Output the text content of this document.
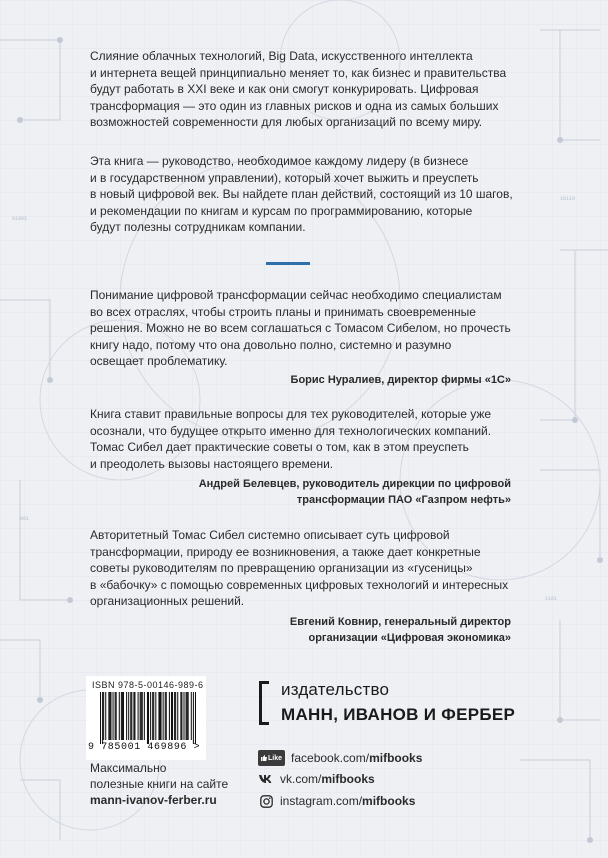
01001
10110
001
1101

Слияние облачных технологий, Big Data, искусственного интеллекта
и интернета вещей принципиально меняет то, как бизнес и правительства
будут работать в XXI веке и как они смогут конкурировать. Цифровая
трансформация — это один из главных рисков и одна из самых больших
возможностей современности для любых организаций по всему миру.

Эта книга — руководство, необходимое каждому лидеру (в бизнесе
и в государственном управлении), который хочет выжить и преуспеть
в новый цифровой век. Вы найдете план действий, состоящий из 10 шагов,
и рекомендации по книгам и курсам по программированию, которые
будут полезны сотрудникам компании.

Понимание цифровой трансформации сейчас необходимо специалистам
во всех отраслях, чтобы строить планы и принимать своевременные
решения. Можно не во всем соглашаться с Томасом Сибелом, но прочесть
книгу надо, потому что она довольно полно, системно и разумно
освещает проблематику.

Борис Нуралиев, директор фирмы «1С»

Книга ставит правильные вопросы для тех руководителей, которые уже
осознали, что будущее открыто именно для технологических компаний.
Томас Сибел дает практические советы о том, как в этом преуспеть
и преодолеть вызовы настоящего времени.

Андрей Белевцев, руководитель дирекции по цифровой
трансформации ПАО «Газпром нефть»

Авторитетный Томас Сибел системно описывает суть цифровой
трансформации, природу ее возникновения, а также дает конкретные
советы руководителям по превращению организации из «гусеницы»
в «бабочку» с помощью современных цифровых технологий и интересных
организационных решений.

Евгений Ковнир, генеральный директор
организации «Цифровая экономика»

ISBN 978-5-00146-989-6
9 785001 469896 >
Максимально
полезные книги на сайте
mann-ivanov-ferber.ru
издательство
МАНН, ИВАНОВ И ФЕРБЕР
Like facebook.com/ mifbooks
vk.com/ mifbooks
instagram.com/ mifbooks
